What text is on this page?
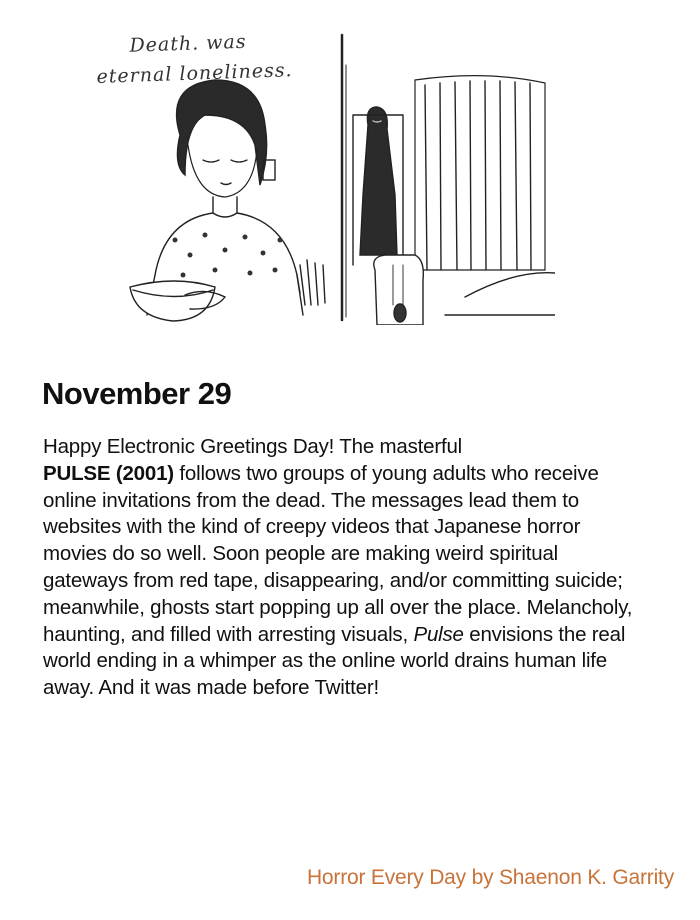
Death. was
eternal loneliness.
November 29

Happy Electronic Greetings Day! The masterful
PULSE (2001) follows two groups of young adults who receive online invitations from the dead. The messages lead them to websites with the kind of creepy videos that Japanese horror movies do so well. Soon people are making weird spiritual gateways from red tape, disappearing, and/or committing suicide; meanwhile, ghosts start popping up all over the place. Melancholy, haunting, and filled with arresting visuals, Pulse envisions the real world ending in a whimper as the online world drains human life away. And it was made before Twitter!

Horror Every Day by Shaenon K. Garrity
